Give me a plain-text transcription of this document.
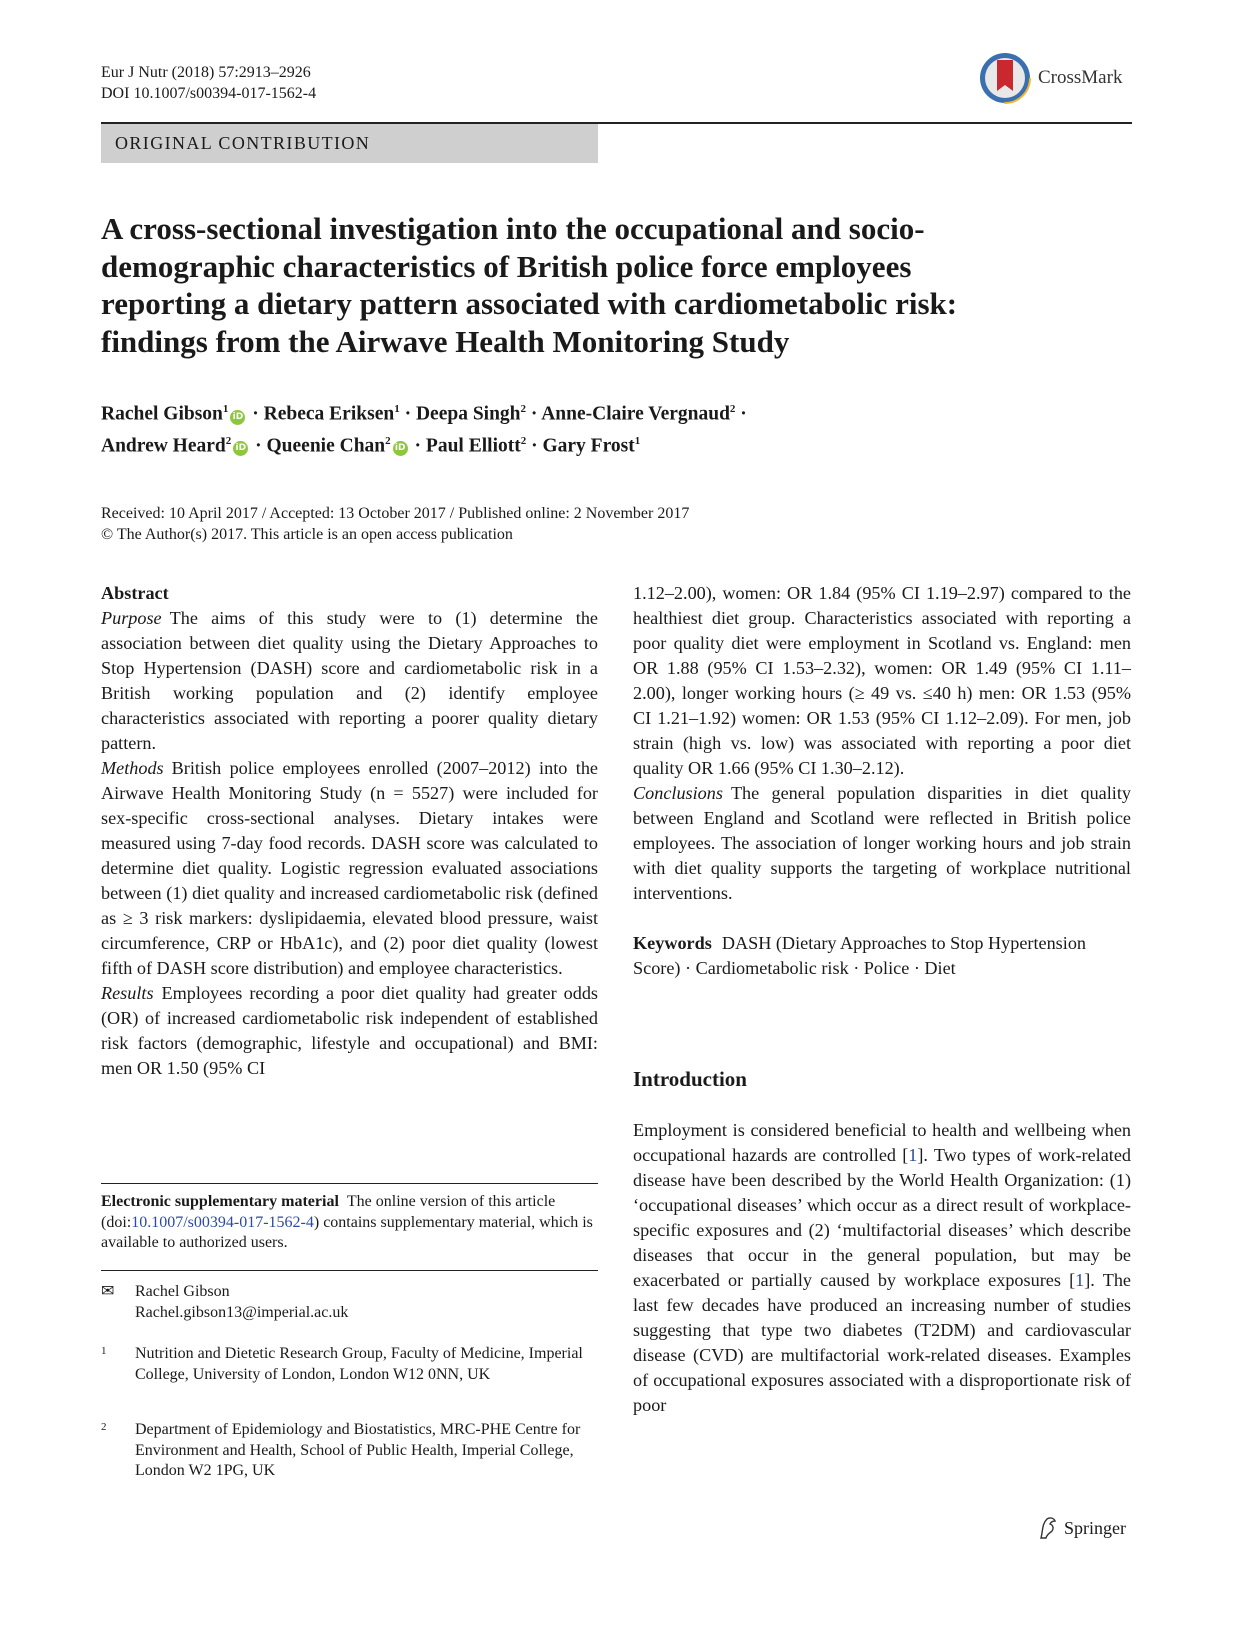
Eur J Nutr (2018) 57:2913–2926
DOI 10.1007/s00394-017-1562-4
CrossMark
ORIGINAL CONTRIBUTION
A cross-sectional investigation into the occupational and socio-
demographic characteristics of British police force employees
reporting a dietary pattern associated with cardiometabolic risk:
findings from the Airwave Health Monitoring Study
Rachel Gibson$^1$iD · Rebeca Eriksen$^1$ · Deepa Singh$^2$ · Anne-Claire Vergnaud$^2$ ·
Andrew Heard$^2$iD · Queenie Chan$^2$iD · Paul Elliott$^2$ · Gary Frost$^1$
Received: 10 April 2017 / Accepted: 13 October 2017 / Published online: 2 November 2017
© The Author(s) 2017. This article is an open access publication

Abstract

Purpose The aims of this study were to (1) determine the association between diet quality using the Dietary Approaches to Stop Hypertension (DASH) score and cardiometabolic risk in a British working population and (2) identify employee characteristics associated with reporting a poorer quality dietary pattern.

Methods British police employees enrolled (2007–2012) into the Airwave Health Monitoring Study (n = 5527) were included for sex-specific cross-sectional analyses. Dietary intakes were measured using 7-day food records. DASH score was calculated to determine diet quality. Logistic regression evaluated associations between (1) diet quality and increased cardiometabolic risk (defined as ≥ 3 risk markers: dyslipidaemia, elevated blood pressure, waist circumference, CRP or HbA1c), and (2) poor diet quality (lowest fifth of DASH score distribution) and employee characteristics.

Results Employees recording a poor diet quality had greater odds (OR) of increased cardiometabolic risk independent of established risk factors (demographic, lifestyle and occupational) and BMI: men OR 1.50 (95% CI

1.12–2.00), women: OR 1.84 (95% CI 1.19–2.97) compared to the healthiest diet group. Characteristics associated with reporting a poor quality diet were employment in Scotland vs. England: men OR 1.88 (95% CI 1.53–2.32), women: OR 1.49 (95% CI 1.11–2.00), longer working hours (≥ 49 vs. ≤40 h) men: OR 1.53 (95% CI 1.21–1.92) women: OR 1.53 (95% CI 1.12–2.09). For men, job strain (high vs. low) was associated with reporting a poor diet quality OR 1.66 (95% CI 1.30–2.12).

Conclusions The general population disparities in diet quality between England and Scotland were reflected in British police employees. The association of longer working hours and job strain with diet quality supports the targeting of workplace nutritional interventions.

Keywords DASH (Dietary Approaches to Stop Hypertension Score) · Cardiometabolic risk · Police · Diet

Introduction

Employment is considered beneficial to health and wellbeing when occupational hazards are controlled [1]. Two types of work-related disease have been described by the World Health Organization: (1) ‘occupational diseases’ which occur as a direct result of workplace-specific exposures and (2) ‘multifactorial diseases’ which describe diseases that occur in the general population, but may be exacerbated or partially caused by workplace exposures [1]. The last few decades have produced an increasing number of studies suggesting that type two diabetes (T2DM) and cardiovascular disease (CVD) are multifactorial work-related diseases. Examples of occupational exposures associated with a disproportionate risk of poor

Electronic supplementary material The online version of this article (doi:10.1007/s00394-017-1562-4) contains supplementary material, which is available to authorized users.
✉	Rachel Gibson
Rachel.gibson13@imperial.ac.uk
1	Nutrition and Dietetic Research Group, Faculty of Medicine, Imperial College, University of London, London W12 0NN, UK
2	Department of Epidemiology and Biostatistics, MRC-PHE Centre for Environment and Health, School of Public Health, Imperial College, London W2 1PG, UK
Springer
